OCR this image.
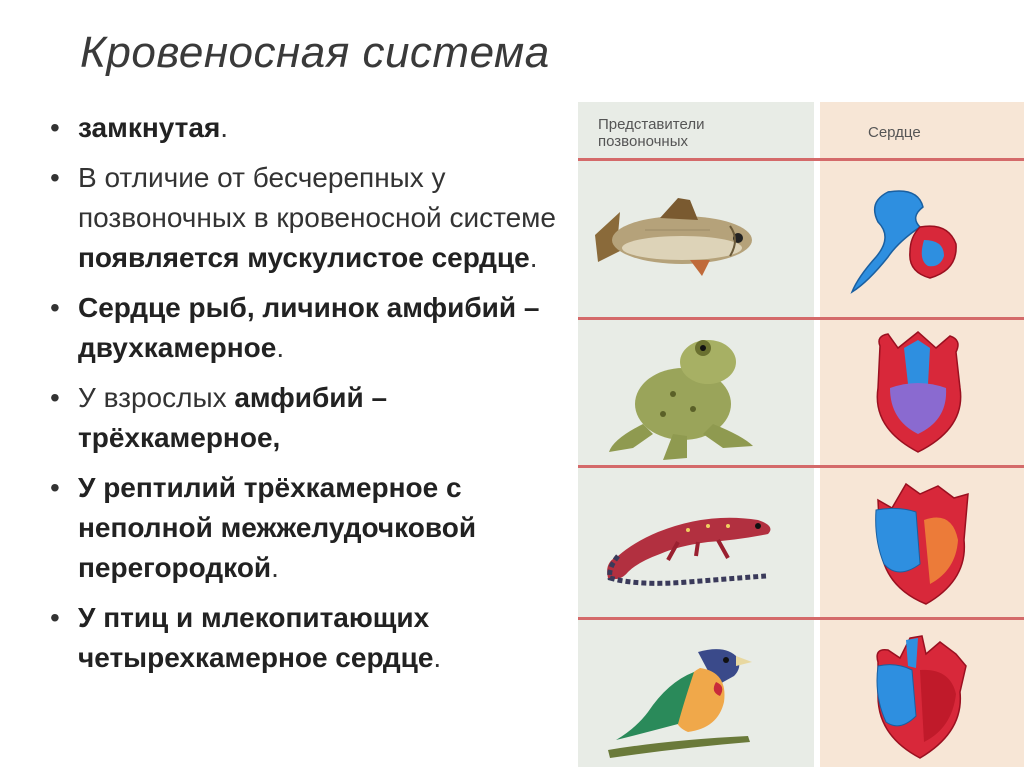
Кровеносная система
• замкнутая.
• В отличие от бесчерепных у позвоночных в кровеносной системе появляется мускулистое сердце.
• Сердце рыб, личинок амфибий – двухкамерное.
• У взрослых амфибий – трёхкамерное,
• У рептилий трёхкамерное с неполной межжелудочковой перегородкой.
• У птиц и млекопитающих четырехкамерное сердце.
Представители позвоночных
Сердце
